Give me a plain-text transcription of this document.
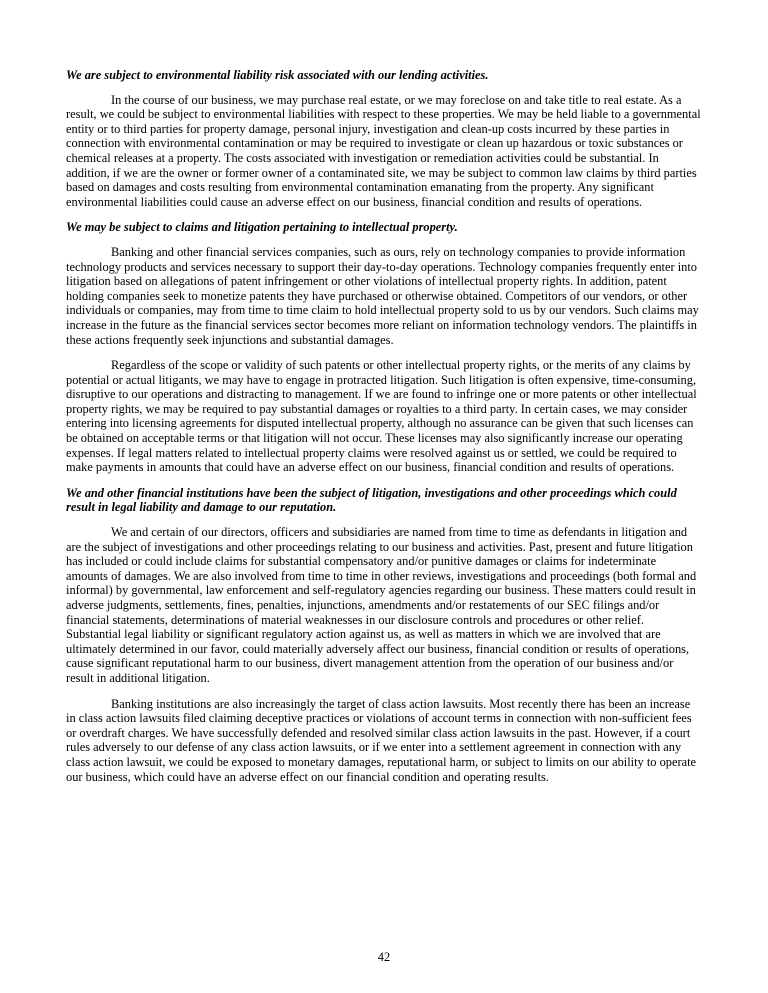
We are subject to environmental liability risk associated with our lending activities.

In the course of our business, we may purchase real estate, or we may foreclose on and take title to real estate. As a result, we could be subject to environmental liabilities with respect to these properties. We may be held liable to a governmental entity or to third parties for property damage, personal injury, investigation and clean-up costs incurred by these parties in connection with environmental contamination or may be required to investigate or clean up hazardous or toxic substances or chemical releases at a property. The costs associated with investigation or remediation activities could be substantial. In addition, if we are the owner or former owner of a contaminated site, we may be subject to common law claims by third parties based on damages and costs resulting from environmental contamination emanating from the property. Any significant environmental liabilities could cause an adverse effect on our business, financial condition and results of operations.

We may be subject to claims and litigation pertaining to intellectual property.

Banking and other financial services companies, such as ours, rely on technology companies to provide information technology products and services necessary to support their day-to-day operations. Technology companies frequently enter into litigation based on allegations of patent infringement or other violations of intellectual property rights. In addition, patent holding companies seek to monetize patents they have purchased or otherwise obtained. Competitors of our vendors, or other individuals or companies, may from time to time claim to hold intellectual property sold to us by our vendors. Such claims may increase in the future as the financial services sector becomes more reliant on information technology vendors. The plaintiffs in these actions frequently seek injunctions and substantial damages.

Regardless of the scope or validity of such patents or other intellectual property rights, or the merits of any claims by potential or actual litigants, we may have to engage in protracted litigation. Such litigation is often expensive, time-consuming, disruptive to our operations and distracting to management. If we are found to infringe one or more patents or other intellectual property rights, we may be required to pay substantial damages or royalties to a third party. In certain cases, we may consider entering into licensing agreements for disputed intellectual property, although no assurance can be given that such licenses can be obtained on acceptable terms or that litigation will not occur. These licenses may also significantly increase our operating expenses. If legal matters related to intellectual property claims were resolved against us or settled, we could be required to make payments in amounts that could have an adverse effect on our business, financial condition and results of operations.

We and other financial institutions have been the subject of litigation, investigations and other proceedings which could result in legal liability and damage to our reputation.

We and certain of our directors, officers and subsidiaries are named from time to time as defendants in litigation and are the subject of investigations and other proceedings relating to our business and activities. Past, present and future litigation has included or could include claims for substantial compensatory and/or punitive damages or claims for indeterminate amounts of damages. We are also involved from time to time in other reviews, investigations and proceedings (both formal and informal) by governmental, law enforcement and self-regulatory agencies regarding our business. These matters could result in adverse judgments, settlements, fines, penalties, injunctions, amendments and/or restatements of our SEC filings and/or financial statements, determinations of material weaknesses in our disclosure controls and procedures or other relief. Substantial legal liability or significant regulatory action against us, as well as matters in which we are involved that are ultimately determined in our favor, could materially adversely affect our business, financial condition or results of operations, cause significant reputational harm to our business, divert management attention from the operation of our business and/or result in additional litigation.

Banking institutions are also increasingly the target of class action lawsuits. Most recently there has been an increase in class action lawsuits filed claiming deceptive practices or violations of account terms in connection with non-sufficient fees or overdraft charges. We have successfully defended and resolved similar class action lawsuits in the past. However, if a court rules adversely to our defense of any class action lawsuits, or if we enter into a settlement agreement in connection with any class action lawsuit, we could be exposed to monetary damages, reputational harm, or subject to limits on our ability to operate our business, which could have an adverse effect on our financial condition and operating results.

42
